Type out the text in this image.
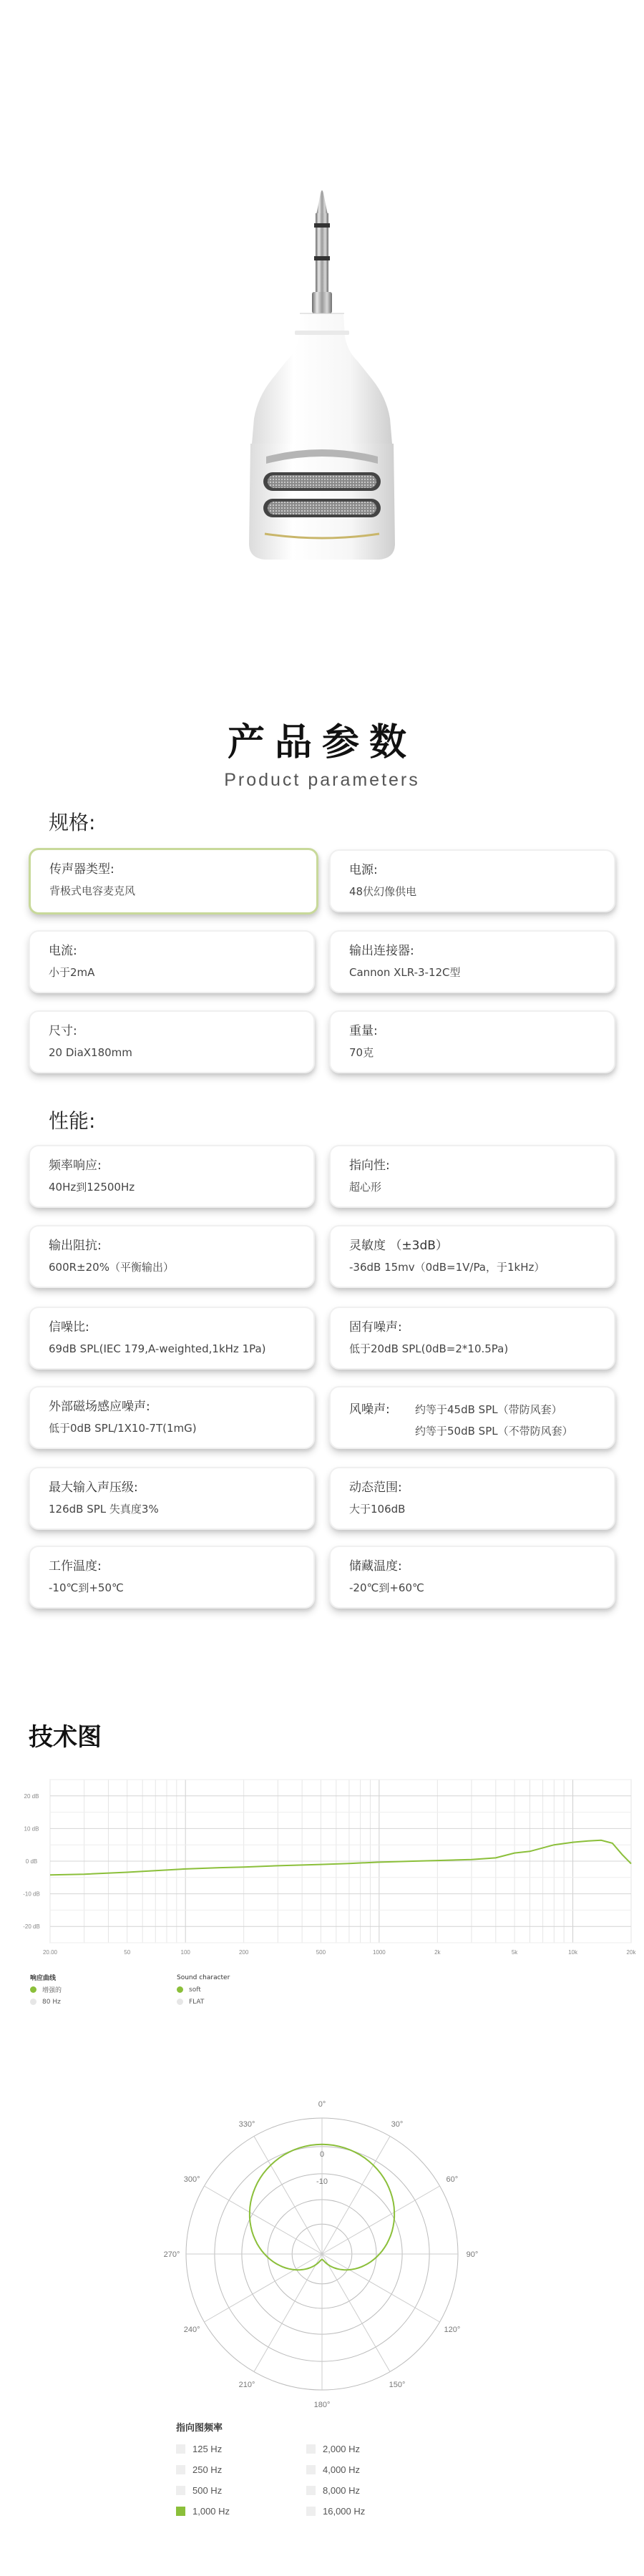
产品参数
Product parameters
规格:
传声器类型:
背极式电容麦克风
电源:
48伏幻像供电
电流:
小于2mA
输出连接器:
Cannon XLR-3-12C型
尺寸:
20 DiaX180mm
重量:
70克
性能:
频率响应:
40Hz到12500Hz
指向性:
超心形
输出阻抗:
600R±20%（平衡输出）
灵敏度 （±3dB）
-36dB 15mv（0dB=1V/Pa，于1kHz）
信噪比:
69dB SPL(IEC 179,A-weighted,1kHz 1Pa)
固有噪声:
低于20dB SPL(0dB=2*10.5Pa)
外部磁场感应噪声:
低于0dB SPL/1X10-7T(1mG)
风噪声: 约等于45dB SPL（带防风套）
约等于50dB SPL（不带防风套）
最大输入声压级:
126dB SPL 失真度3%
动态范围:
大于106dB
工作温度:
-10℃到+50℃
储藏温度:
-20℃到+60℃
技术图
20 dB
10 dB
0 dB
-10 dB
-20 dB
20.00	50	100	200	500	1000	2k	5k	10k	20k
响应曲线
增强的
80 Hz
Sound character
soft
FLAT
0°
30°
60°
90°
120°
150°
180°
210°
240°
270°
300°
330°
0
-10
指向图频率
125 Hz	2,000 Hz
250 Hz	4,000 Hz
500 Hz	8,000 Hz
1,000 Hz	16,000 Hz
